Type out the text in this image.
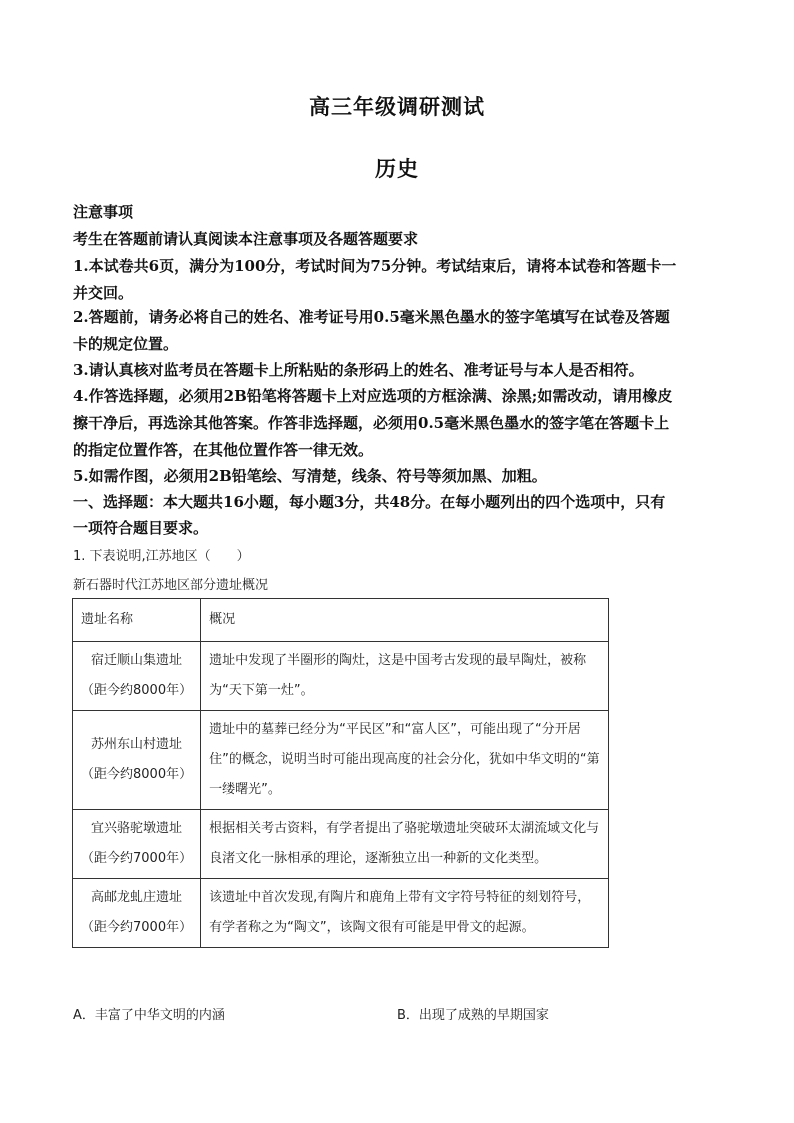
高三年级调研测试
历史
注意事项
考生在答题前请认真阅读本注意事项及各题答题要求
1.本试卷共6页，满分为100分，考试时间为75分钟。考试结束后，请将本试卷和答题卡一
并交回。
2.答题前，请务必将自己的姓名、准考证号用0.5毫米黑色墨水的签字笔填写在试卷及答题
卡的规定位置。
3.请认真核对监考员在答题卡上所粘贴的条形码上的姓名、准考证号与本人是否相符。
4.作答选择题，必须用2B铅笔将答题卡上对应选项的方框涂满、涂黑;如需改动，请用橡皮
擦干净后，再选涂其他答案。作答非选择题，必须用0.5毫米黑色墨水的签字笔在答题卡上
的指定位置作答，在其他位置作答一律无效。
5.如需作图，必须用2B铅笔绘、写清楚，线条、符号等须加黑、加粗。
一、选择题：本大题共16小题，每小题3分，共48分。在每小题列出的四个选项中，只有
一项符合题目要求。
1. 下表说明,江苏地区（　　）
新石器时代江苏地区部分遗址概况
遗址名称	概况

宿迁顺山集遗址
（距今约8000年）	遗址中发现了半圈形的陶灶，这是中国考古发现的最早陶灶，被称为“天下第一灶”。

苏州东山村遗址
（距今约8000年）	遗址中的墓葬已经分为“平民区”和“富人区”，可能出现了“分开居住”的概念，说明当时可能出现高度的社会分化，犹如中华文明的“第一缕曙光”。

宜兴骆驼墩遗址
（距今约7000年）	根据相关考古资料，有学者提出了骆驼墩遗址突破环太湖流域文化与良渚文化一脉相承的理论，逐渐独立出一种新的文化类型。

高邮龙虬庄遗址
（距今约7000年）	该遗址中首次发现,有陶片和鹿角上带有文字符号特征的刻划符号，有学者称之为“陶文”，该陶文很有可能是甲骨文的起源。
A．丰富了中华文明的内涵	B．出现了成熟的早期国家
